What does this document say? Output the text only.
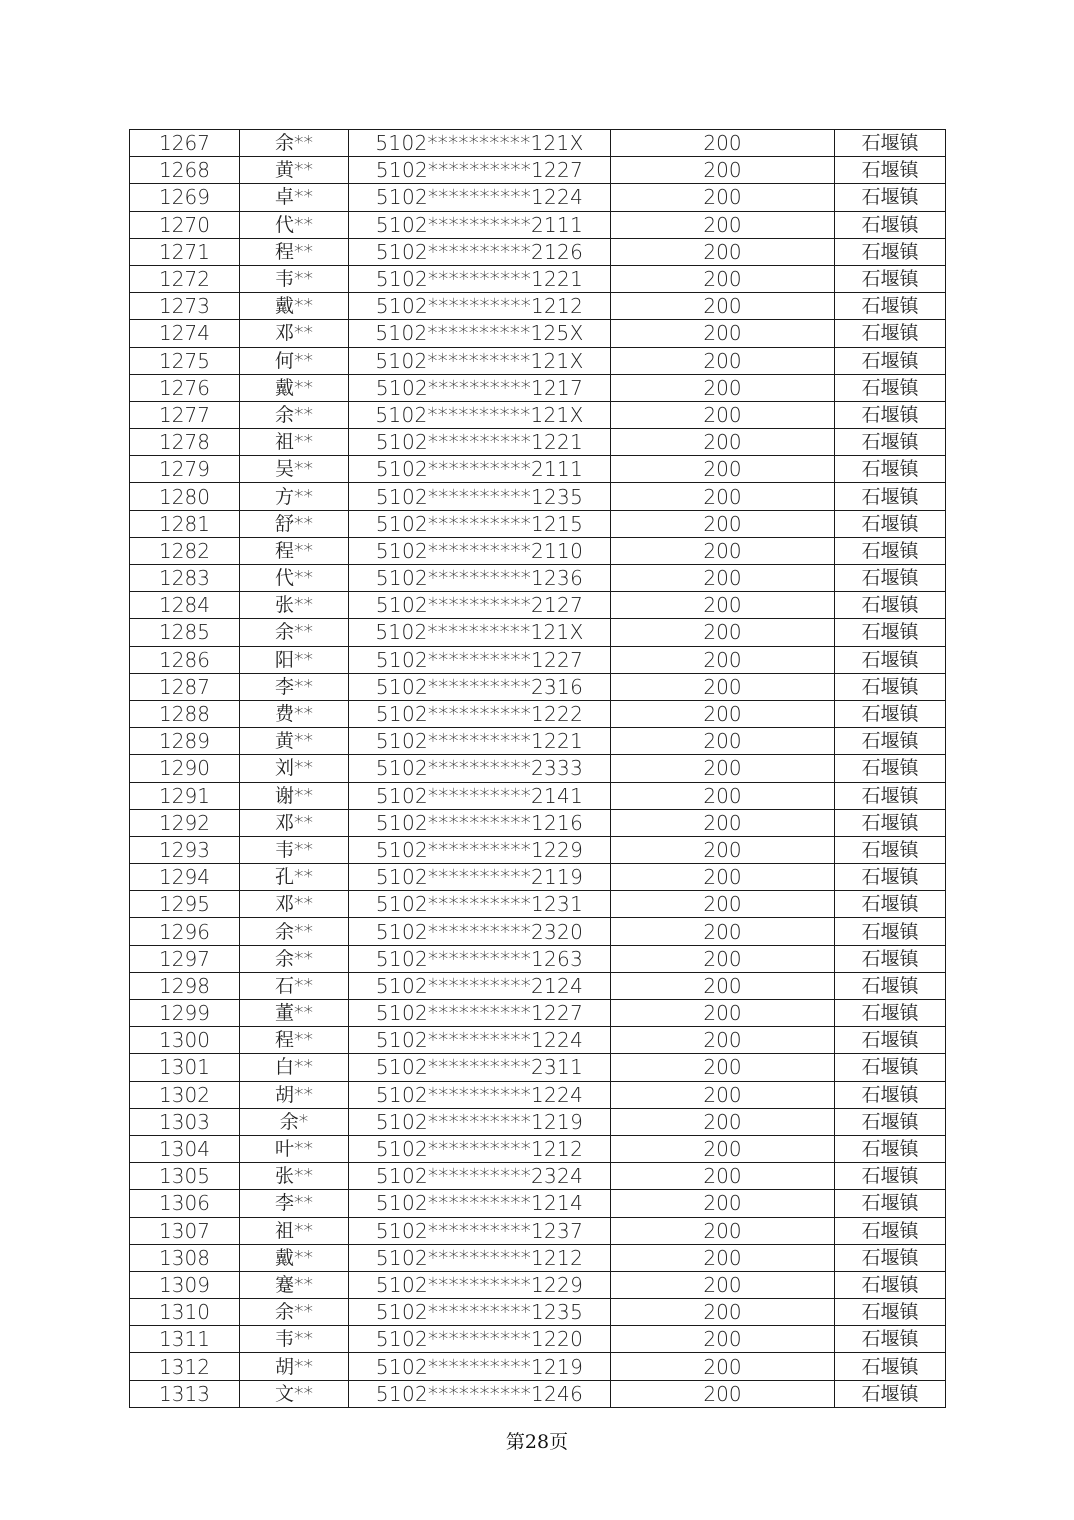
1267	余**	5102**********121X	200	石堰镇
1268	黄**	5102**********1227	200	石堰镇
1269	卓**	5102**********1224	200	石堰镇
1270	代**	5102**********2111	200	石堰镇
1271	程**	5102**********2126	200	石堰镇
1272	韦**	5102**********1221	200	石堰镇
1273	戴**	5102**********1212	200	石堰镇
1274	邓**	5102**********125X	200	石堰镇
1275	何**	5102**********121X	200	石堰镇
1276	戴**	5102**********1217	200	石堰镇
1277	余**	5102**********121X	200	石堰镇
1278	祖**	5102**********1221	200	石堰镇
1279	吴**	5102**********2111	200	石堰镇
1280	方**	5102**********1235	200	石堰镇
1281	舒**	5102**********1215	200	石堰镇
1282	程**	5102**********2110	200	石堰镇
1283	代**	5102**********1236	200	石堰镇
1284	张**	5102**********2127	200	石堰镇
1285	余**	5102**********121X	200	石堰镇
1286	阳**	5102**********1227	200	石堰镇
1287	李**	5102**********2316	200	石堰镇
1288	费**	5102**********1222	200	石堰镇
1289	黄**	5102**********1221	200	石堰镇
1290	刘**	5102**********2333	200	石堰镇
1291	谢**	5102**********2141	200	石堰镇
1292	邓**	5102**********1216	200	石堰镇
1293	韦**	5102**********1229	200	石堰镇
1294	孔**	5102**********2119	200	石堰镇
1295	邓**	5102**********1231	200	石堰镇
1296	余**	5102**********2320	200	石堰镇
1297	余**	5102**********1263	200	石堰镇
1298	石**	5102**********2124	200	石堰镇
1299	董**	5102**********1227	200	石堰镇
1300	程**	5102**********1224	200	石堰镇
1301	白**	5102**********2311	200	石堰镇
1302	胡**	5102**********1224	200	石堰镇
1303	余*	5102**********1219	200	石堰镇
1304	叶**	5102**********1212	200	石堰镇
1305	张**	5102**********2324	200	石堰镇
1306	李**	5102**********1214	200	石堰镇
1307	祖**	5102**********1237	200	石堰镇
1308	戴**	5102**********1212	200	石堰镇
1309	蹇**	5102**********1229	200	石堰镇
1310	余**	5102**********1235	200	石堰镇
1311	韦**	5102**********1220	200	石堰镇
1312	胡**	5102**********1219	200	石堰镇
1313	文**	5102**********1246	200	石堰镇
第28页
